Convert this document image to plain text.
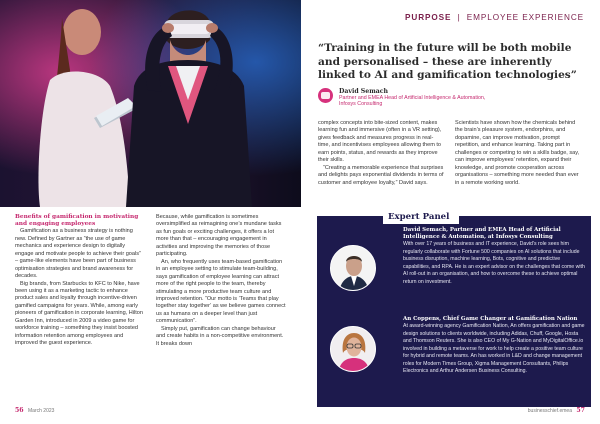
PURPOSE | EMPLOYEE EXPERIENCE
“Training in the future will be both mobile and personalised – these are inherently linked to AI and gamification technologies”
David Semach
Partner and EMEA Head of Artificial Intelligence & Automation, Infosys Consulting

complex concepts into bite-sized content, makes learning fun and immersive (often in a VR setting), gives feedback and measures progress in real-time, and incentivises employees allowing them to earn points, status, and rewards as they improve their skills.

“Creating a memorable experience that surprises and delights pays exponential dividends in terms of customer and employee loyalty,” David says.

Scientists have shown how the chemicals behind the brain’s pleasure system, endorphins, and dopamine, can improve motivation, prompt repetition, and enhance learning. Taking part in challenges or competing to win a skills badge, say, can improve employees’ retention, expand their knowledge, and promote cooperation across organisations – something more needed than ever in a remote working world.

Benefits of gamification in motivating and engaging employees

Gamification as a business strategy is nothing new. Defined by Gartner as “the use of game mechanics and experience design to digitally engage and motivate people to achieve their goals” – game-like elements have been part of business optimisation strategies and brand awareness for decades.

Big brands, from Starbucks to KFC to Nike, have been using it as a marketing tactic to enhance product sales and loyalty through incentive-driven gamified campaigns for years. While, among early pioneers of gamification in corporate learning, Hilton Garden Inn, introduced in 2009 a video game for workforce training – something they insist boosted information retention among employees and improved the guest experience.

Because, while gamification is sometimes oversimplified as reimagining one’s mundane tasks as fun goals or exciting challenges, it offers a lot more than that – encouraging engagement in activities and improving the memories of those participating.

An, who frequently uses team-based gamification in an employee setting to stimulate team-building, says gamification of employee learning can attract more of the right people to the team, thereby stimulating a more productive team culture and improved retention. “Our motto is ‘Teams that play together stay together’ as we believe games connect us as humans on a deeper level than just communication”.

Simply put, gamification can change behaviour and create habits in a non-competitive environment. It breaks down

Expert Panel
David Semach, Partner and EMEA Head of Artificial Intelligence & Automation, at Infosys Consulting
With over 17 years of business and IT experience, David’s role sees him regularly collaborate with Fortune 500 companies on AI solutions that include business disruption, machine learning, Bots, cognitive and predictive capabilities, and RPA. He is an expert advisor on the challenges that come with AI roll-out in an organisation, and how to overcome these to achieve optimal return on investment.
An Coppens, Chief Game Changer at Gamification Nation
At award-winning agency Gamification Nation, An offers gamification and game design solutions to clients worldwide, including Adidas, Chuff, Google, Hosta and Thomson Reuters. She is also CEO of My G-Nation and MyDigitalOffice.io involved in building a metaverse for work to help create a positive team culture for hybrid and remote teams. An has worked in L&D and change management roles for Modern Times Group, Xigma Management Consultants, Philips Electronics and Arthur Andersen Business Consulting.
56 March 2023	businesschief.emea 57
